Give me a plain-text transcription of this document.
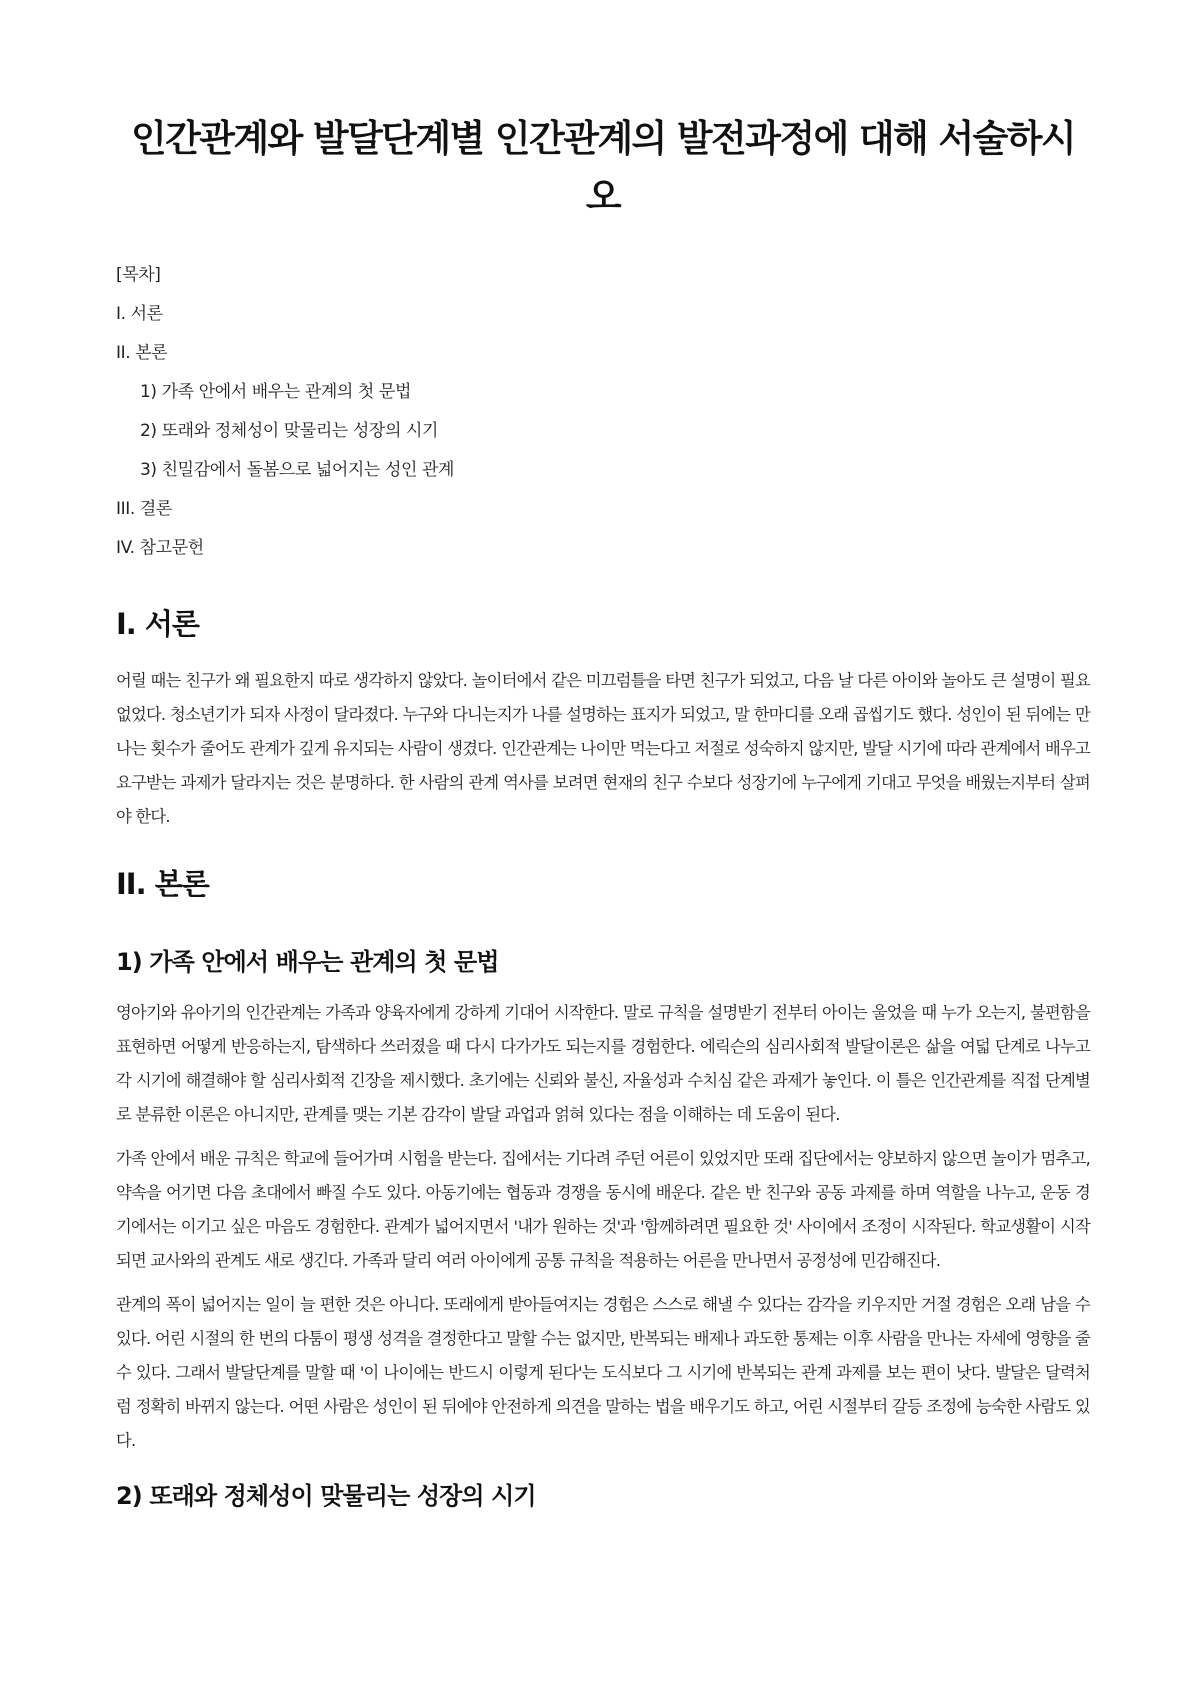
인간관계와 발달단계별 인간관계의 발전과정에 대해 서술하시오
[목차]
I. 서론
II. 본론
1) 가족 안에서 배우는 관계의 첫 문법
2) 또래와 정체성이 맞물리는 성장의 시기
3) 친밀감에서 돌봄으로 넓어지는 성인 관계
III. 결론
IV. 참고문헌
I. 서론

어릴 때는 친구가 왜 필요한지 따로 생각하지 않았다. 놀이터에서 같은 미끄럼틀을 타면 친구가 되었고, 다음 날 다른 아이와 놀아도 큰 설명이 필요 없었다. 청소년기가 되자 사정이 달라졌다. 누구와 다니는지가 나를 설명하는 표지가 되었고, 말 한마디를 오래 곱씹기도 했다. 성인이 된 뒤에는 만나는 횟수가 줄어도 관계가 깊게 유지되는 사람이 생겼다. 인간관계는 나이만 먹는다고 저절로 성숙하지 않지만, 발달 시기에 따라 관계에서 배우고 요구받는 과제가 달라지는 것은 분명하다. 한 사람의 관계 역사를 보려면 현재의 친구 수보다 성장기에 누구에게 기대고 무엇을 배웠는지부터 살펴야 한다.

II. 본론
1) 가족 안에서 배우는 관계의 첫 문법

영아기와 유아기의 인간관계는 가족과 양육자에게 강하게 기대어 시작한다. 말로 규칙을 설명받기 전부터 아이는 울었을 때 누가 오는지, 불편함을 표현하면 어떻게 반응하는지, 탐색하다 쓰러졌을 때 다시 다가가도 되는지를 경험한다. 에릭슨의 심리사회적 발달이론은 삶을 여덟 단계로 나누고 각 시기에 해결해야 할 심리사회적 긴장을 제시했다. 초기에는 신뢰와 불신, 자율성과 수치심 같은 과제가 놓인다. 이 틀은 인간관계를 직접 단계별로 분류한 이론은 아니지만, 관계를 맺는 기본 감각이 발달 과업과 얽혀 있다는 점을 이해하는 데 도움이 된다.

가족 안에서 배운 규칙은 학교에 들어가며 시험을 받는다. 집에서는 기다려 주던 어른이 있었지만 또래 집단에서는 양보하지 않으면 놀이가 멈추고, 약속을 어기면 다음 초대에서 빠질 수도 있다. 아동기에는 협동과 경쟁을 동시에 배운다. 같은 반 친구와 공동 과제를 하며 역할을 나누고, 운동 경기에서는 이기고 싶은 마음도 경험한다. 관계가 넓어지면서 '내가 원하는 것'과 '함께하려면 필요한 것' 사이에서 조정이 시작된다. 학교생활이 시작되면 교사와의 관계도 새로 생긴다. 가족과 달리 여러 아이에게 공통 규칙을 적용하는 어른을 만나면서 공정성에 민감해진다.

관계의 폭이 넓어지는 일이 늘 편한 것은 아니다. 또래에게 받아들여지는 경험은 스스로 해낼 수 있다는 감각을 키우지만 거절 경험은 오래 남을 수 있다. 어린 시절의 한 번의 다툼이 평생 성격을 결정한다고 말할 수는 없지만, 반복되는 배제나 과도한 통제는 이후 사람을 만나는 자세에 영향을 줄 수 있다. 그래서 발달단계를 말할 때 '이 나이에는 반드시 이렇게 된다'는 도식보다 그 시기에 반복되는 관계 과제를 보는 편이 낫다. 발달은 달력처럼 정확히 바뀌지 않는다. 어떤 사람은 성인이 된 뒤에야 안전하게 의견을 말하는 법을 배우기도 하고, 어린 시절부터 갈등 조정에 능숙한 사람도 있다.

2) 또래와 정체성이 맞물리는 성장의 시기
